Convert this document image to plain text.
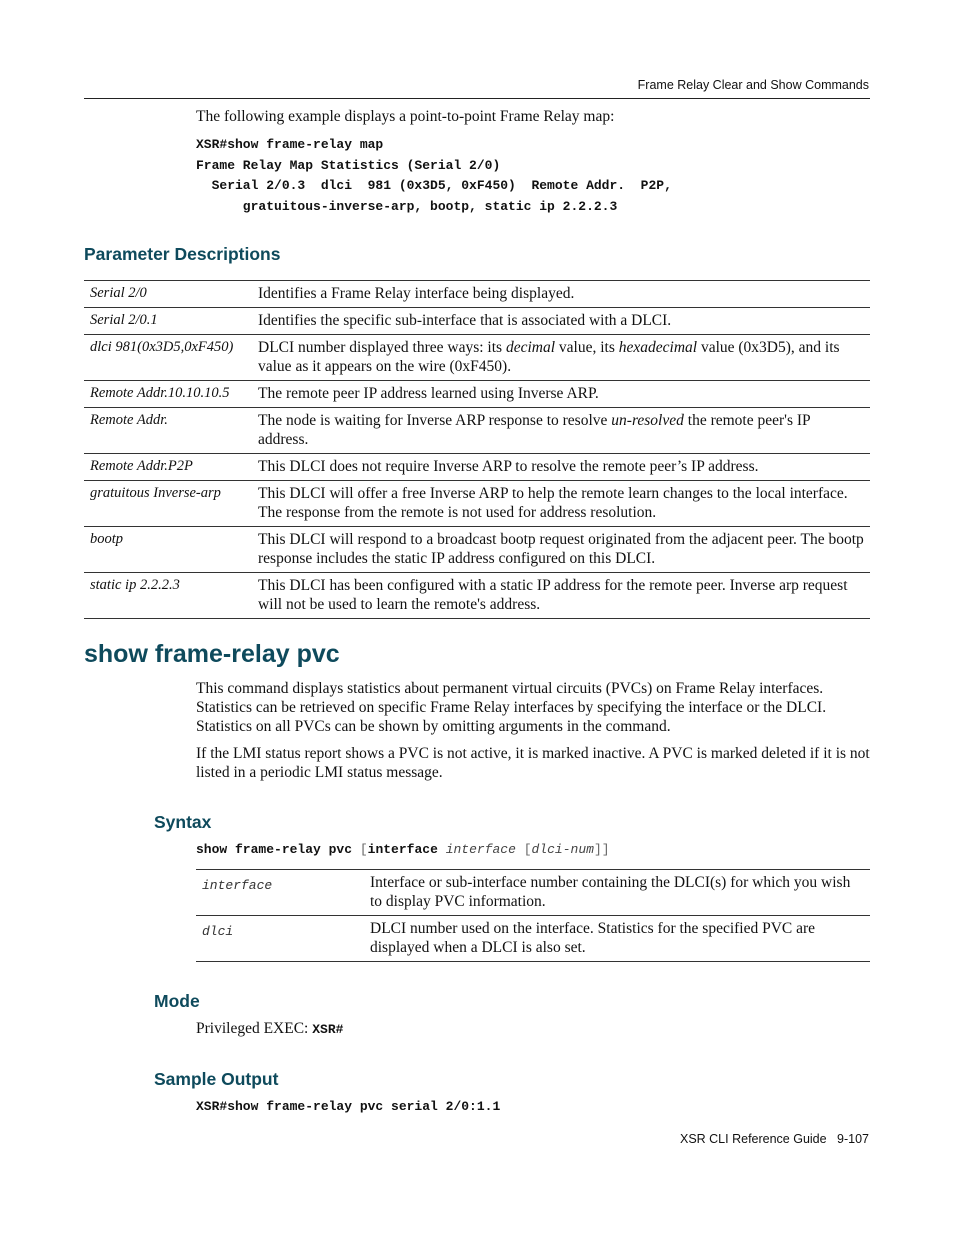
Frame Relay Clear and Show Commands
The following example displays a point-to-point Frame Relay map:
XSR#show frame-relay map
Frame Relay Map Statistics (Serial 2/0)
Serial 2/0.3  dlci  981 (0x3D5, 0xF450)  Remote Addr.  P2P,
gratuitous-inverse-arp, bootp, static ip 2.2.2.3
Parameter Descriptions
Serial 2/0	Identifies a Frame Relay interface being displayed.
Serial 2/0.1	Identifies the specific sub-interface that is associated with a DLCI.
dlci 981(0x3D5,0xF450)	DLCI number displayed three ways: its decimal value, its hexadecimal value (0x3D5), and its value as it appears on the wire (0xF450).
Remote Addr.10.10.10.5	The remote peer IP address learned using Inverse ARP.
Remote Addr.	The node is waiting for Inverse ARP response to resolve un-resolved the remote peer's IP address.
Remote Addr.P2P	This DLCI does not require Inverse ARP to resolve the remote peer’s IP address.
gratuitous Inverse-arp	This DLCI will offer a free Inverse ARP to help the remote learn changes to the local interface. The response from the remote is not used for address resolution.
bootp	This DLCI will respond to a broadcast bootp request originated from the adjacent peer. The bootp response includes the static IP address configured on this DLCI.
static ip 2.2.2.3	This DLCI has been configured with a static IP address for the remote peer. Inverse arp request will not be used to learn the remote's address.
show frame-relay pvc
This command displays statistics about permanent virtual circuits (PVCs) on Frame Relay interfaces. Statistics can be retrieved on specific Frame Relay interfaces by specifying the interface or the DLCI. Statistics on all PVCs can be shown by omitting arguments in the command.
If the LMI status report shows a PVC is not active, it is marked inactive. A PVC is marked deleted if it is not listed in a periodic LMI status message.
Syntax
show frame-relay pvc [interface interface [dlci-num]]
interface	Interface or sub-interface number containing the DLCI(s) for which you wish to display PVC information.
dlci	DLCI number used on the interface. Statistics for the specified PVC are displayed when a DLCI is also set.
Mode
Privileged EXEC: XSR#
Sample Output
XSR#show frame-relay pvc serial 2/0:1.1
XSR CLI Reference Guide 9-107
